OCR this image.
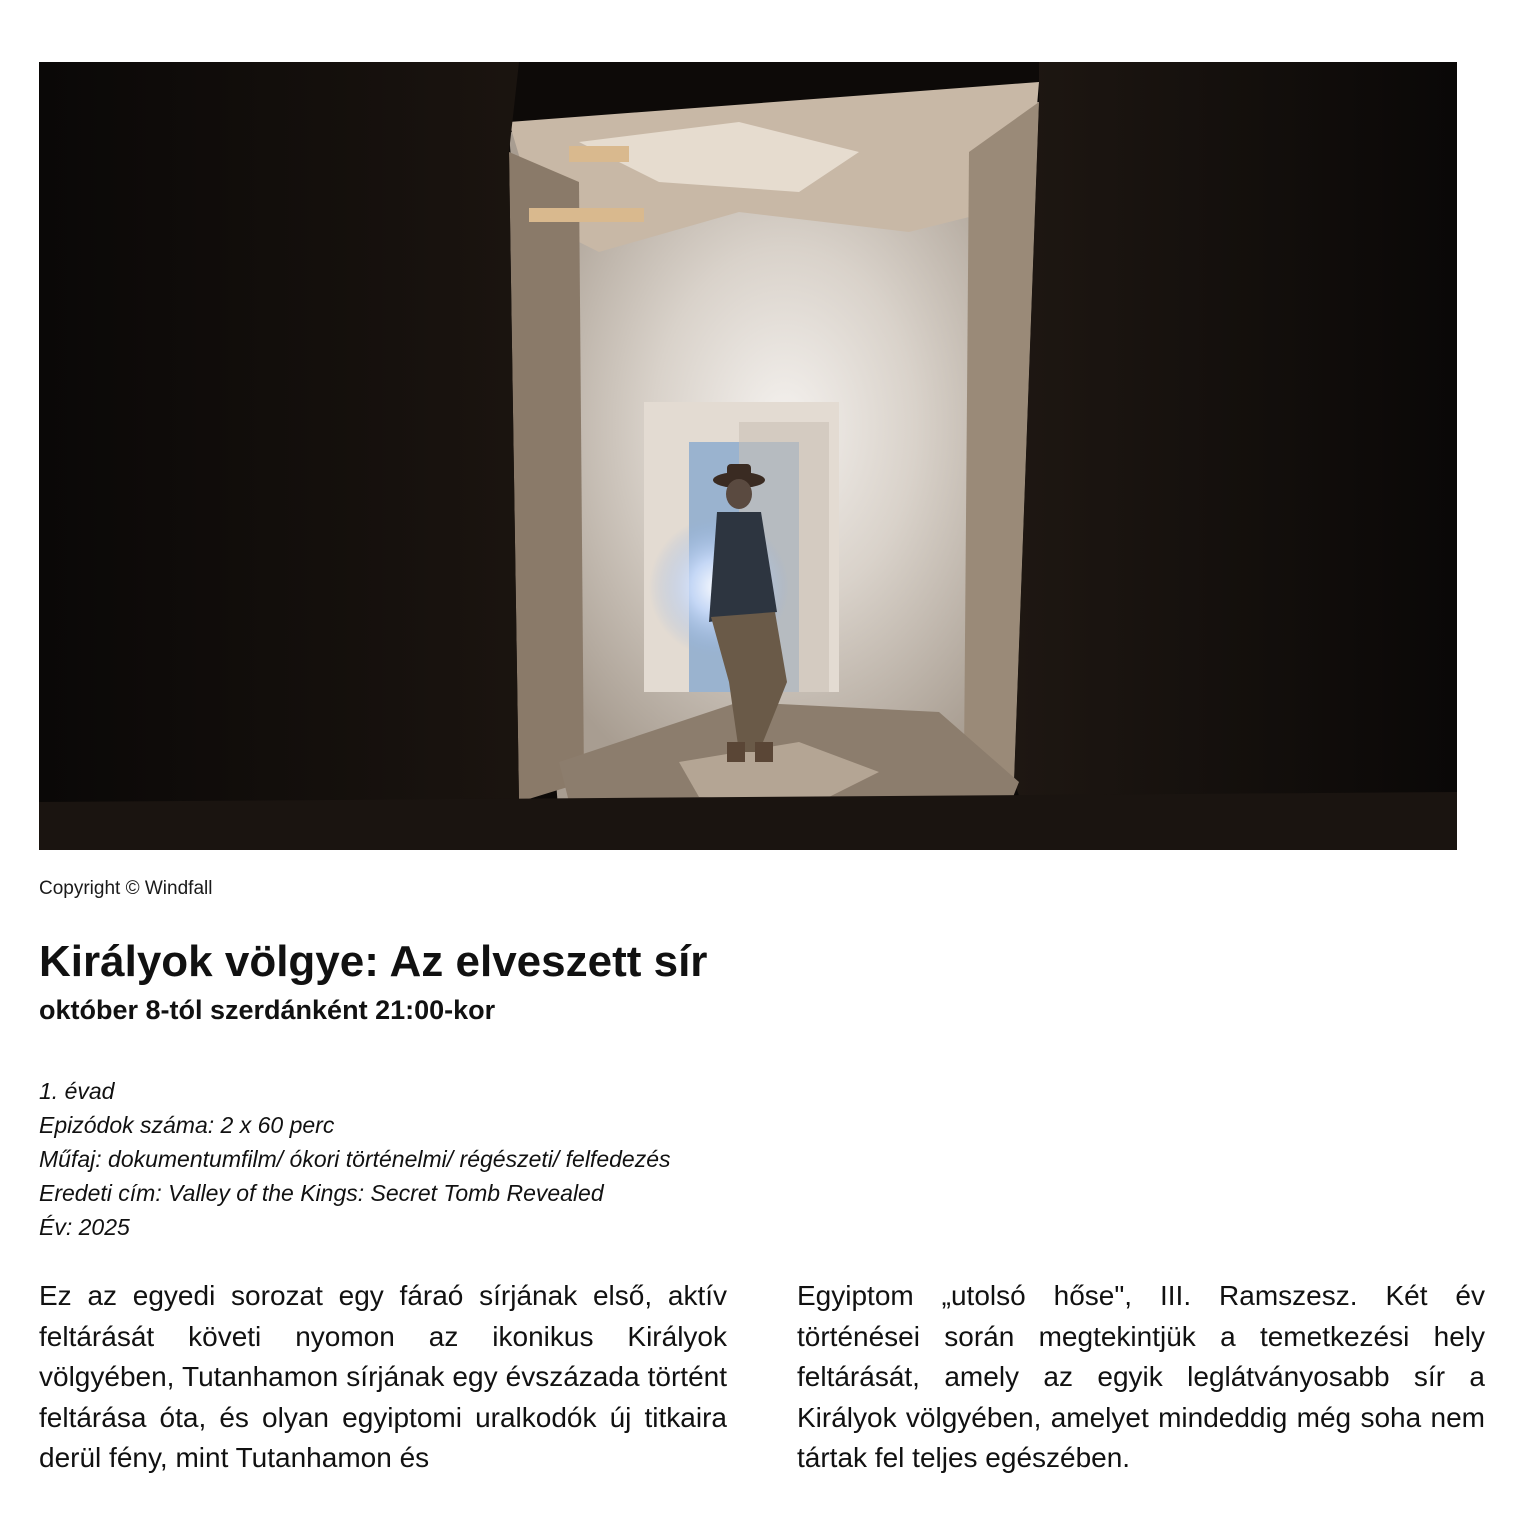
Copyright © Windfall
Királyok völgye: Az elveszett sír
október 8-tól szerdánként 21:00-kor
1. évad
Epizódok száma: 2 x 60 perc
Műfaj: dokumentumfilm/ ókori történelmi/ régészeti/ felfedezés
Eredeti cím: Valley of the Kings: Secret Tomb Revealed
Év: 2025

Ez az egyedi sorozat egy fáraó sírjának első, aktív feltárását követi nyomon az ikonikus Királyok völgyében, Tutanhamon sírjának egy évszázada történt feltárása óta, és olyan egyiptomi uralkodók új titkaira derül fény, mint Tutanhamon és

Egyiptom „utolsó hőse", III. Ramszesz. Két év történései során megtekintjük a temetkezési hely feltárását, amely az egyik leglátványosabb sír a Királyok völgyében, amelyet mindeddig még soha nem tártak fel teljes egészében.
